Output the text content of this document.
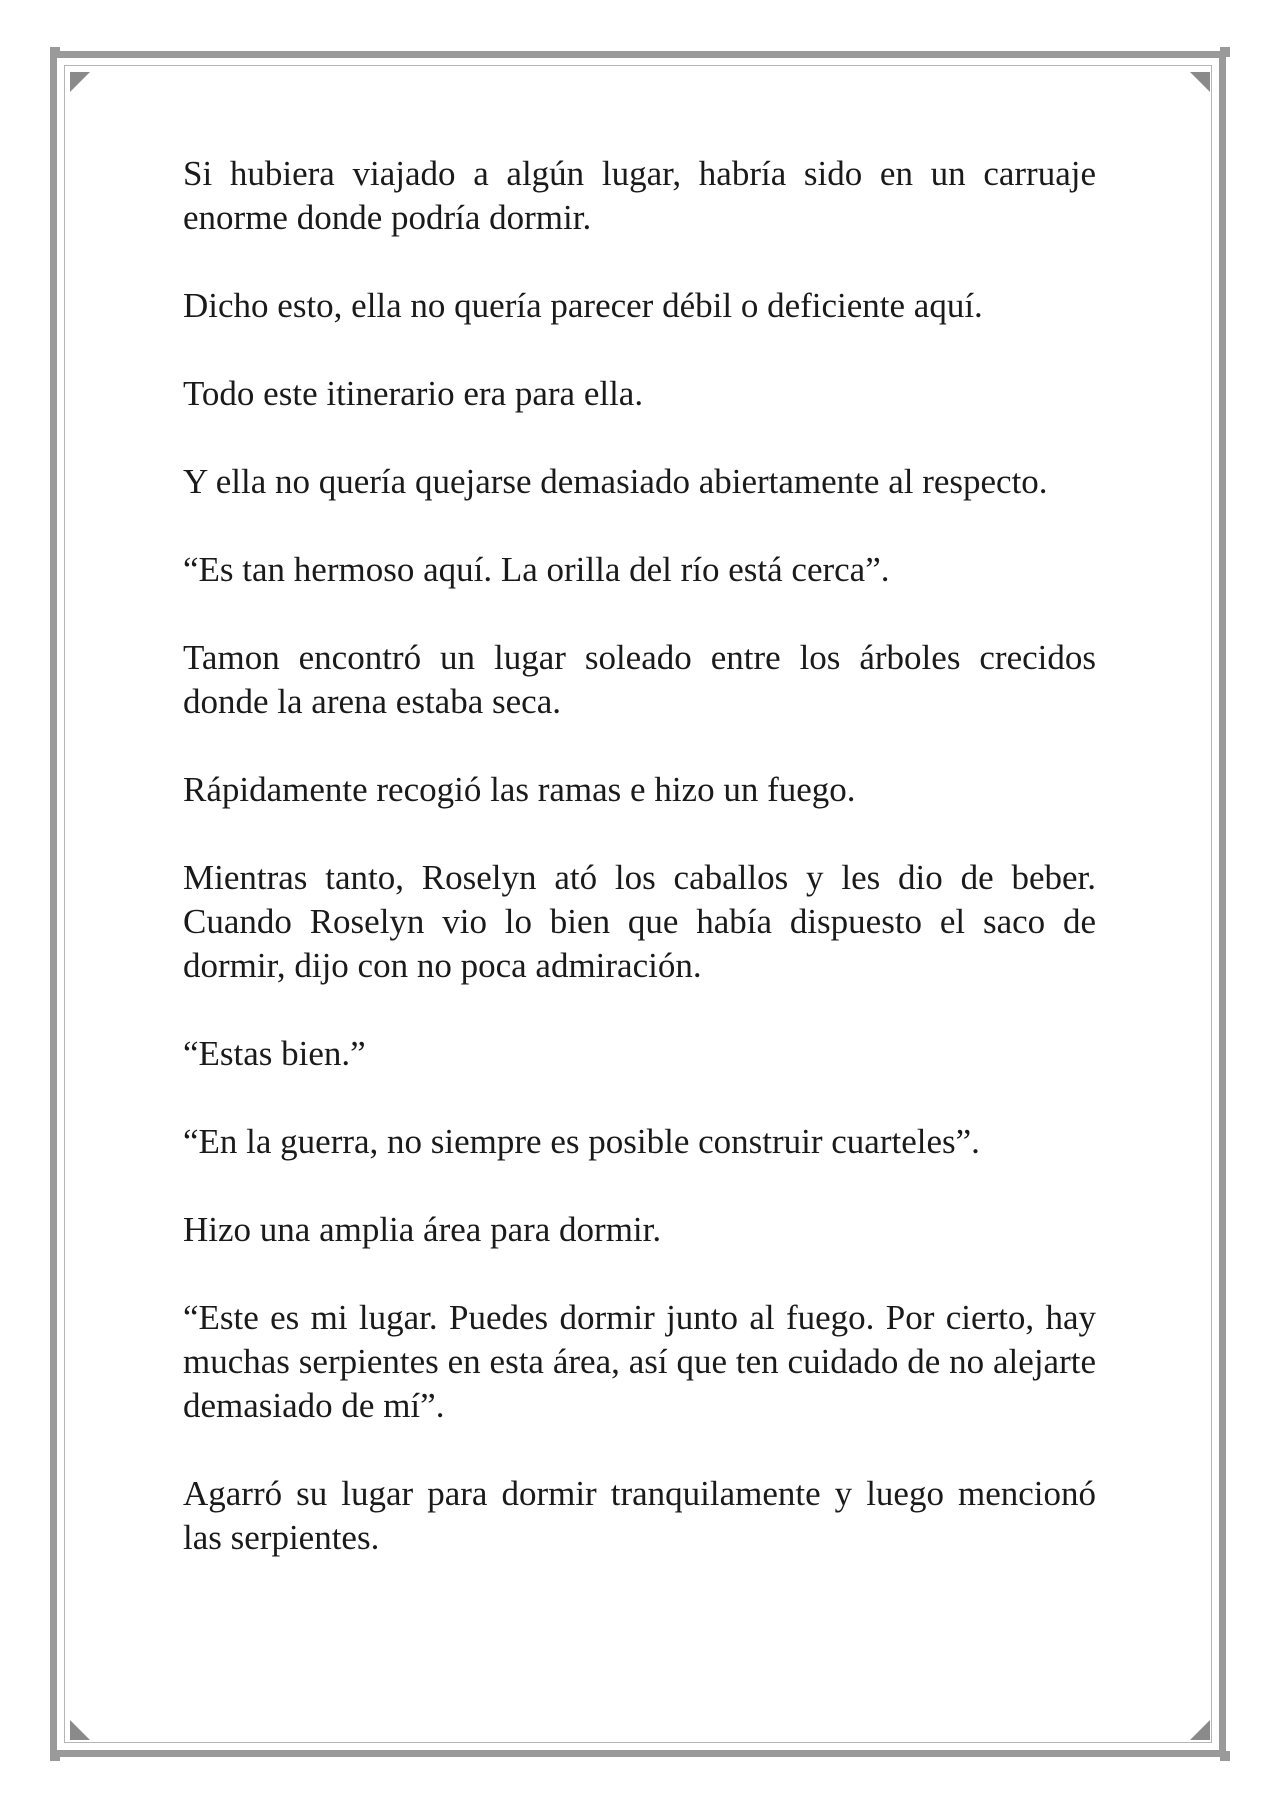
Si hubiera viajado a algún lugar, habría sido en un carruaje enorme donde podría dormir.

Dicho esto, ella no quería parecer débil o deficiente aquí.

Todo este itinerario era para ella.

Y ella no quería quejarse demasiado abiertamente al respecto.

“Es tan hermoso aquí. La orilla del río está cerca”.

Tamon encontró un lugar soleado entre los árboles crecidos donde la arena estaba seca.

Rápidamente recogió las ramas e hizo un fuego.

Mientras tanto, Roselyn ató los caballos y les dio de beber. Cuando Roselyn vio lo bien que había dispuesto el saco de dormir, dijo con no poca admiración.

“Estas bien.”

“En la guerra, no siempre es posible construir cuarteles”.

Hizo una amplia área para dormir.

“Este es mi lugar. Puedes dormir junto al fuego. Por cierto, hay muchas serpientes en esta área, así que ten cuidado de no alejarte demasiado de mí”.

Agarró su lugar para dormir tranquilamente y luego mencionó las serpientes.
